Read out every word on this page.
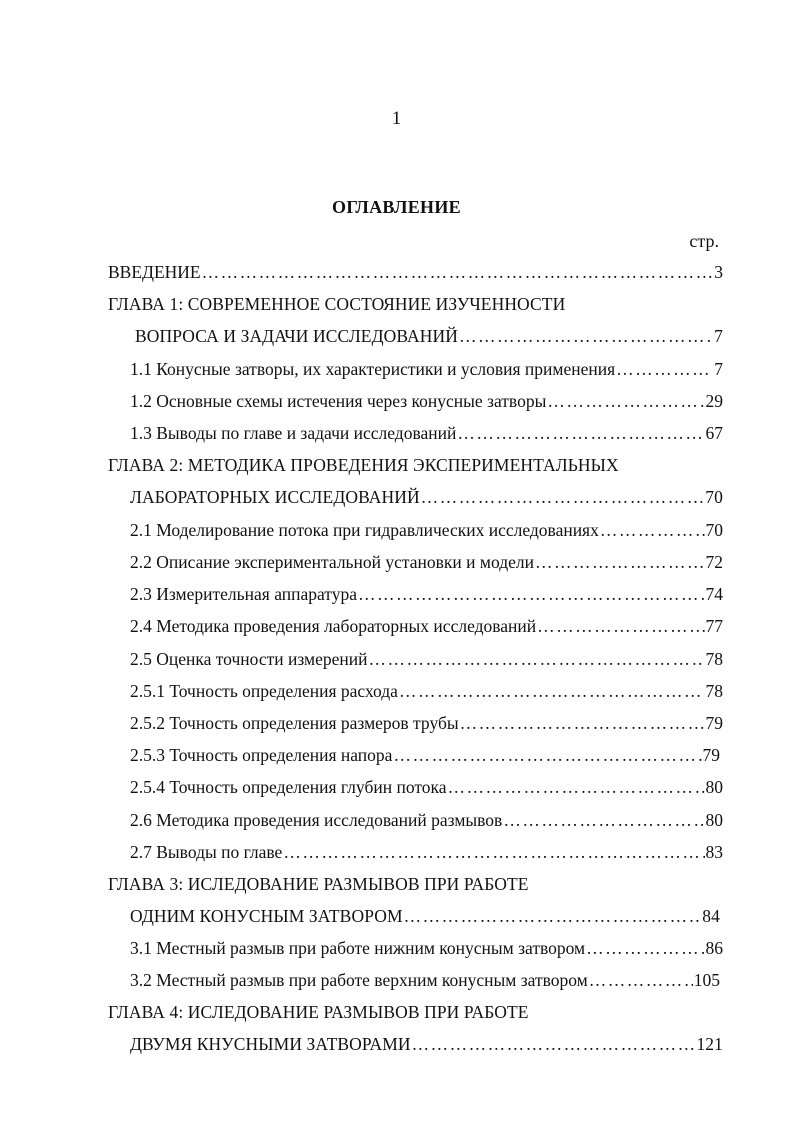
1
ОГЛАВЛЕНИЕ
стр.
ВВЕДЕНИЕ ……………………………………………………………………………………………………………………………………………………………………	3
ГЛАВА 1: СОВРЕМЕННОЕ СОСТОЯНИЕ ИЗУЧЕННОСТИ
ВОПРОСА И ЗАДАЧИ ИССЛЕДОВАНИЙ ……………………………………………………………………………………………………………………………………………………………………	7
1.1 Конусные затворы, их характеристики и условия применения ……………………………………………………………………………………………………………………………………………………………………	7
1.2 Основные схемы истечения через конусные затворы ……………………………………………………………………………………………………………………………………………………………………	29
1.3 Выводы по главе и задачи исследований ……………………………………………………………………………………………………………………………………………………………………	67
ГЛАВА 2: МЕТОДИКА ПРОВЕДЕНИЯ ЭКСПЕРИМЕНТАЛЬНЫХ
ЛАБОРАТОРНЫХ ИССЛЕДОВАНИЙ ……………………………………………………………………………………………………………………………………………………………………	70
2.1 Моделирование потока при гидравлических исследованиях ……………………………………………………………………………………………………………………………………………………………………	70
2.2 Описание экспериментальной установки и модели ……………………………………………………………………………………………………………………………………………………………………	72
2.3 Измерительная аппаратура ……………………………………………………………………………………………………………………………………………………………………	74
2.4 Методика проведения лабораторных исследований ……………………………………………………………………………………………………………………………………………………………………	77
2.5 Оценка точности измерений ……………………………………………………………………………………………………………………………………………………………………	78
2.5.1 Точность определения расхода ……………………………………………………………………………………………………………………………………………………………………	78
2.5.2 Точность определения размеров трубы ……………………………………………………………………………………………………………………………………………………………………	79
2.5.3 Точность определения напора ……………………………………………………………………………………………………………………………………………………………………	79
2.5.4 Точность определения глубин потока ……………………………………………………………………………………………………………………………………………………………………	80
2.6 Методика проведения исследований размывов ……………………………………………………………………………………………………………………………………………………………………	80
2.7 Выводы по главе ……………………………………………………………………………………………………………………………………………………………………	83
ГЛАВА 3: ИСЛЕДОВАНИЕ РАЗМЫВОВ ПРИ РАБОТЕ
ОДНИМ КОНУСНЫМ ЗАТВОРОМ ……………………………………………………………………………………………………………………………………………………………………	84
3.1 Местный размыв при работе нижним конусным затвором ……………………………………………………………………………………………………………………………………………………………………	86
3.2 Местный размыв при работе верхним конусным затвором ……………………………………………………………………………………………………………………………………………………………………	105
ГЛАВА 4: ИСЛЕДОВАНИЕ РАЗМЫВОВ ПРИ РАБОТЕ
ДВУМЯ КНУСНЫМИ ЗАТВОРАМИ ……………………………………………………………………………………………………………………………………………………………………	121
